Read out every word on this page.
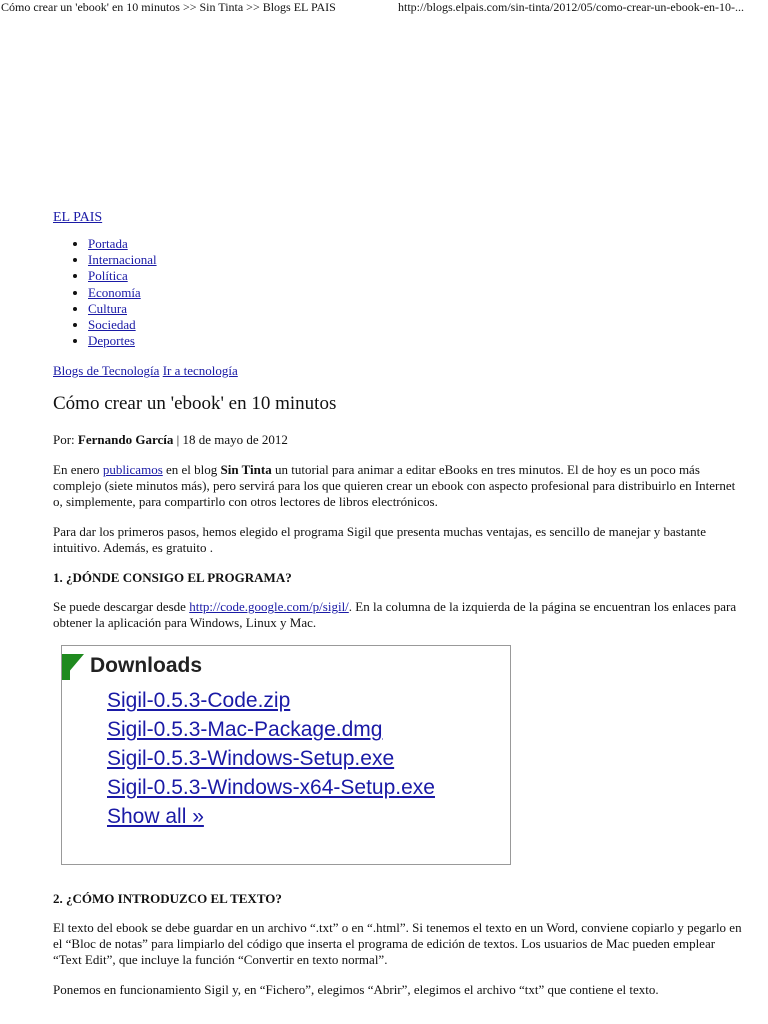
Cómo crear un 'ebook' en 10 minutos >> Sin Tinta >> Blogs EL PAIS	http://blogs.elpais.com/sin-tinta/2012/05/como-crear-un-ebook-en-10-...
EL PAIS
• Portada
• Internacional
• Política
• Economía
• Cultura
• Sociedad
• Deportes
Blogs de Tecnología Ir a tecnología
Cómo crear un 'ebook' en 10 minutos

Por: Fernando García | 18 de mayo de 2012

En enero publicamos en el blog Sin Tinta un tutorial para animar a editar eBooks en tres minutos. El de hoy es un poco más complejo (siete minutos más), pero servirá para los que quieren crear un ebook con aspecto profesional para distribuirlo en Internet o, simplemente, para compartirlo con otros lectores de libros electrónicos.

Para dar los primeros pasos, hemos elegido el programa Sigil que presenta muchas ventajas, es sencillo de manejar y bastante intuitivo. Además, es gratuito .

1. ¿DÓNDE CONSIGO EL PROGRAMA?

Se puede descargar desde http://code.google.com/p/sigil/. En la columna de la izquierda de la página se encuentran los enlaces para obtener la aplicación para Windows, Linux y Mac.

Downloads
Sigil-0.5.3-Code.zip
Sigil-0.5.3-Mac-Package.dmg
Sigil-0.5.3-Windows-Setup.exe
Sigil-0.5.3-Windows-x64-Setup.exe
Show all »
2. ¿CÓMO INTRODUZCO EL TEXTO?

El texto del ebook se debe guardar en un archivo “.txt” o en “.html”. Si tenemos el texto en un Word, conviene copiarlo y pegarlo en el “Bloc de notas” para limpiarlo del código que inserta el programa de edición de textos. Los usuarios de Mac pueden emplear “Text Edit”, que incluye la función “Convertir en texto normal”.

Ponemos en funcionamiento Sigil y, en “Fichero”, elegimos “Abrir”, elegimos el archivo “txt” que contiene el texto.
